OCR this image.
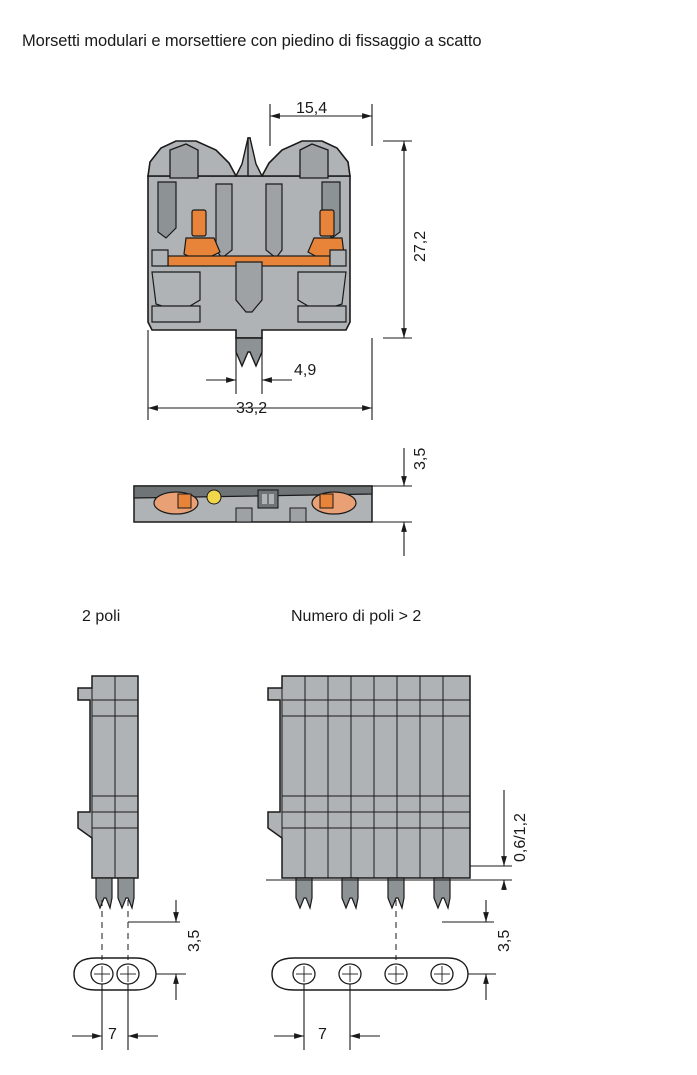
Morsetti modulari e morsettiere con piedino di fissaggio a scatto
15,4
27,2
4,9
33,2
3,5
2 poli	Numero di poli > 2
3,5
7
0,6/1,2
3,5
7
